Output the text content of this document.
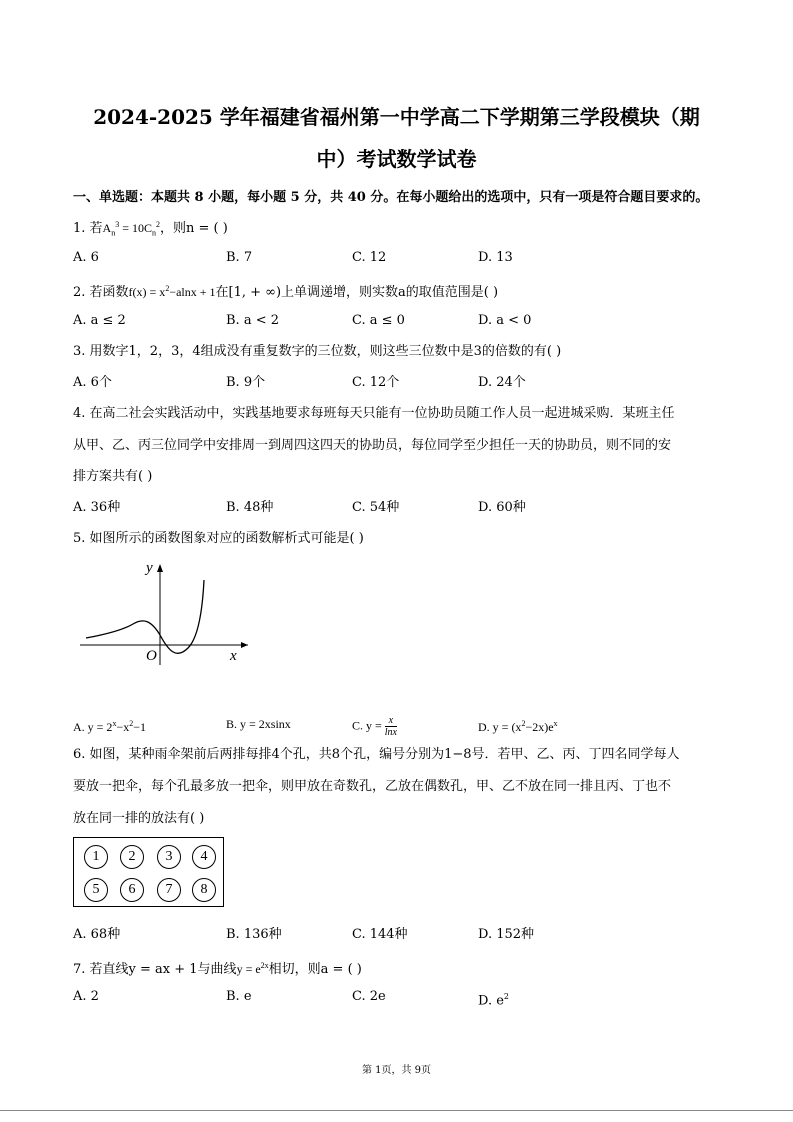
2024-2025 学年福建省福州第一中学高二下学期第三学段模块（期
中）考试数学试卷
一、单选题：本题共 8 小题，每小题 5 分，共 40 分。在每小题给出的选项中，只有一项是符合题目要求的。
1. 若$A_n^3 = 10C_n^2$，则n = ( )
A. 6	B. 7	C. 12	D. 13
2. 若函数$f(x) = x^2-alnx + 1$在[1, + ∞)上单调递增，则实数a的取值范围是( )
A. a ≤ 2	B. a < 2	C. a ≤ 0	D. a < 0
3. 用数字1，2，3，4组成没有重复数字的三位数，则这些三位数中是3的倍数的有( )
A. 6个	B. 9个	C. 12个	D. 24个
4. 在高二社会实践活动中，实践基地要求每班每天只能有一位协助员随工作人员一起进城采购．某班主任
从甲、乙、丙三位同学中安排周一到周四这四天的协助员，每位同学至少担任一天的协助员，则不同的安
排方案共有( )
A. 36种	B. 48种	C. 54种	D. 60种
5. 如图所示的函数图象对应的函数解析式可能是( )
y
x
O
A. $y = 2^x-x^2-1$	B. y = 2xsinx	C. $y = \frac{x}{\ln x}$	D. $y = (x^2-2x)e^x$
6. 如图，某种雨伞架前后两排每排4个孔，共8个孔，编号分别为1−8号．若甲、乙、丙、丁四名同学每人
要放一把伞，每个孔最多放一把伞，则甲放在奇数孔，乙放在偶数孔，甲、乙不放在同一排且丙、丁也不
放在同一排的放法有( )
1	2	3	4
5	6	7	8
A. 68种	B. 136种	C. 144种	D. 152种
7. 若直线y = ax + 1与曲线$y = e^{2x}$相切，则a = ( )
A. 2	B. e	C. 2e	D. $e^2$
第 1页，共 9页
